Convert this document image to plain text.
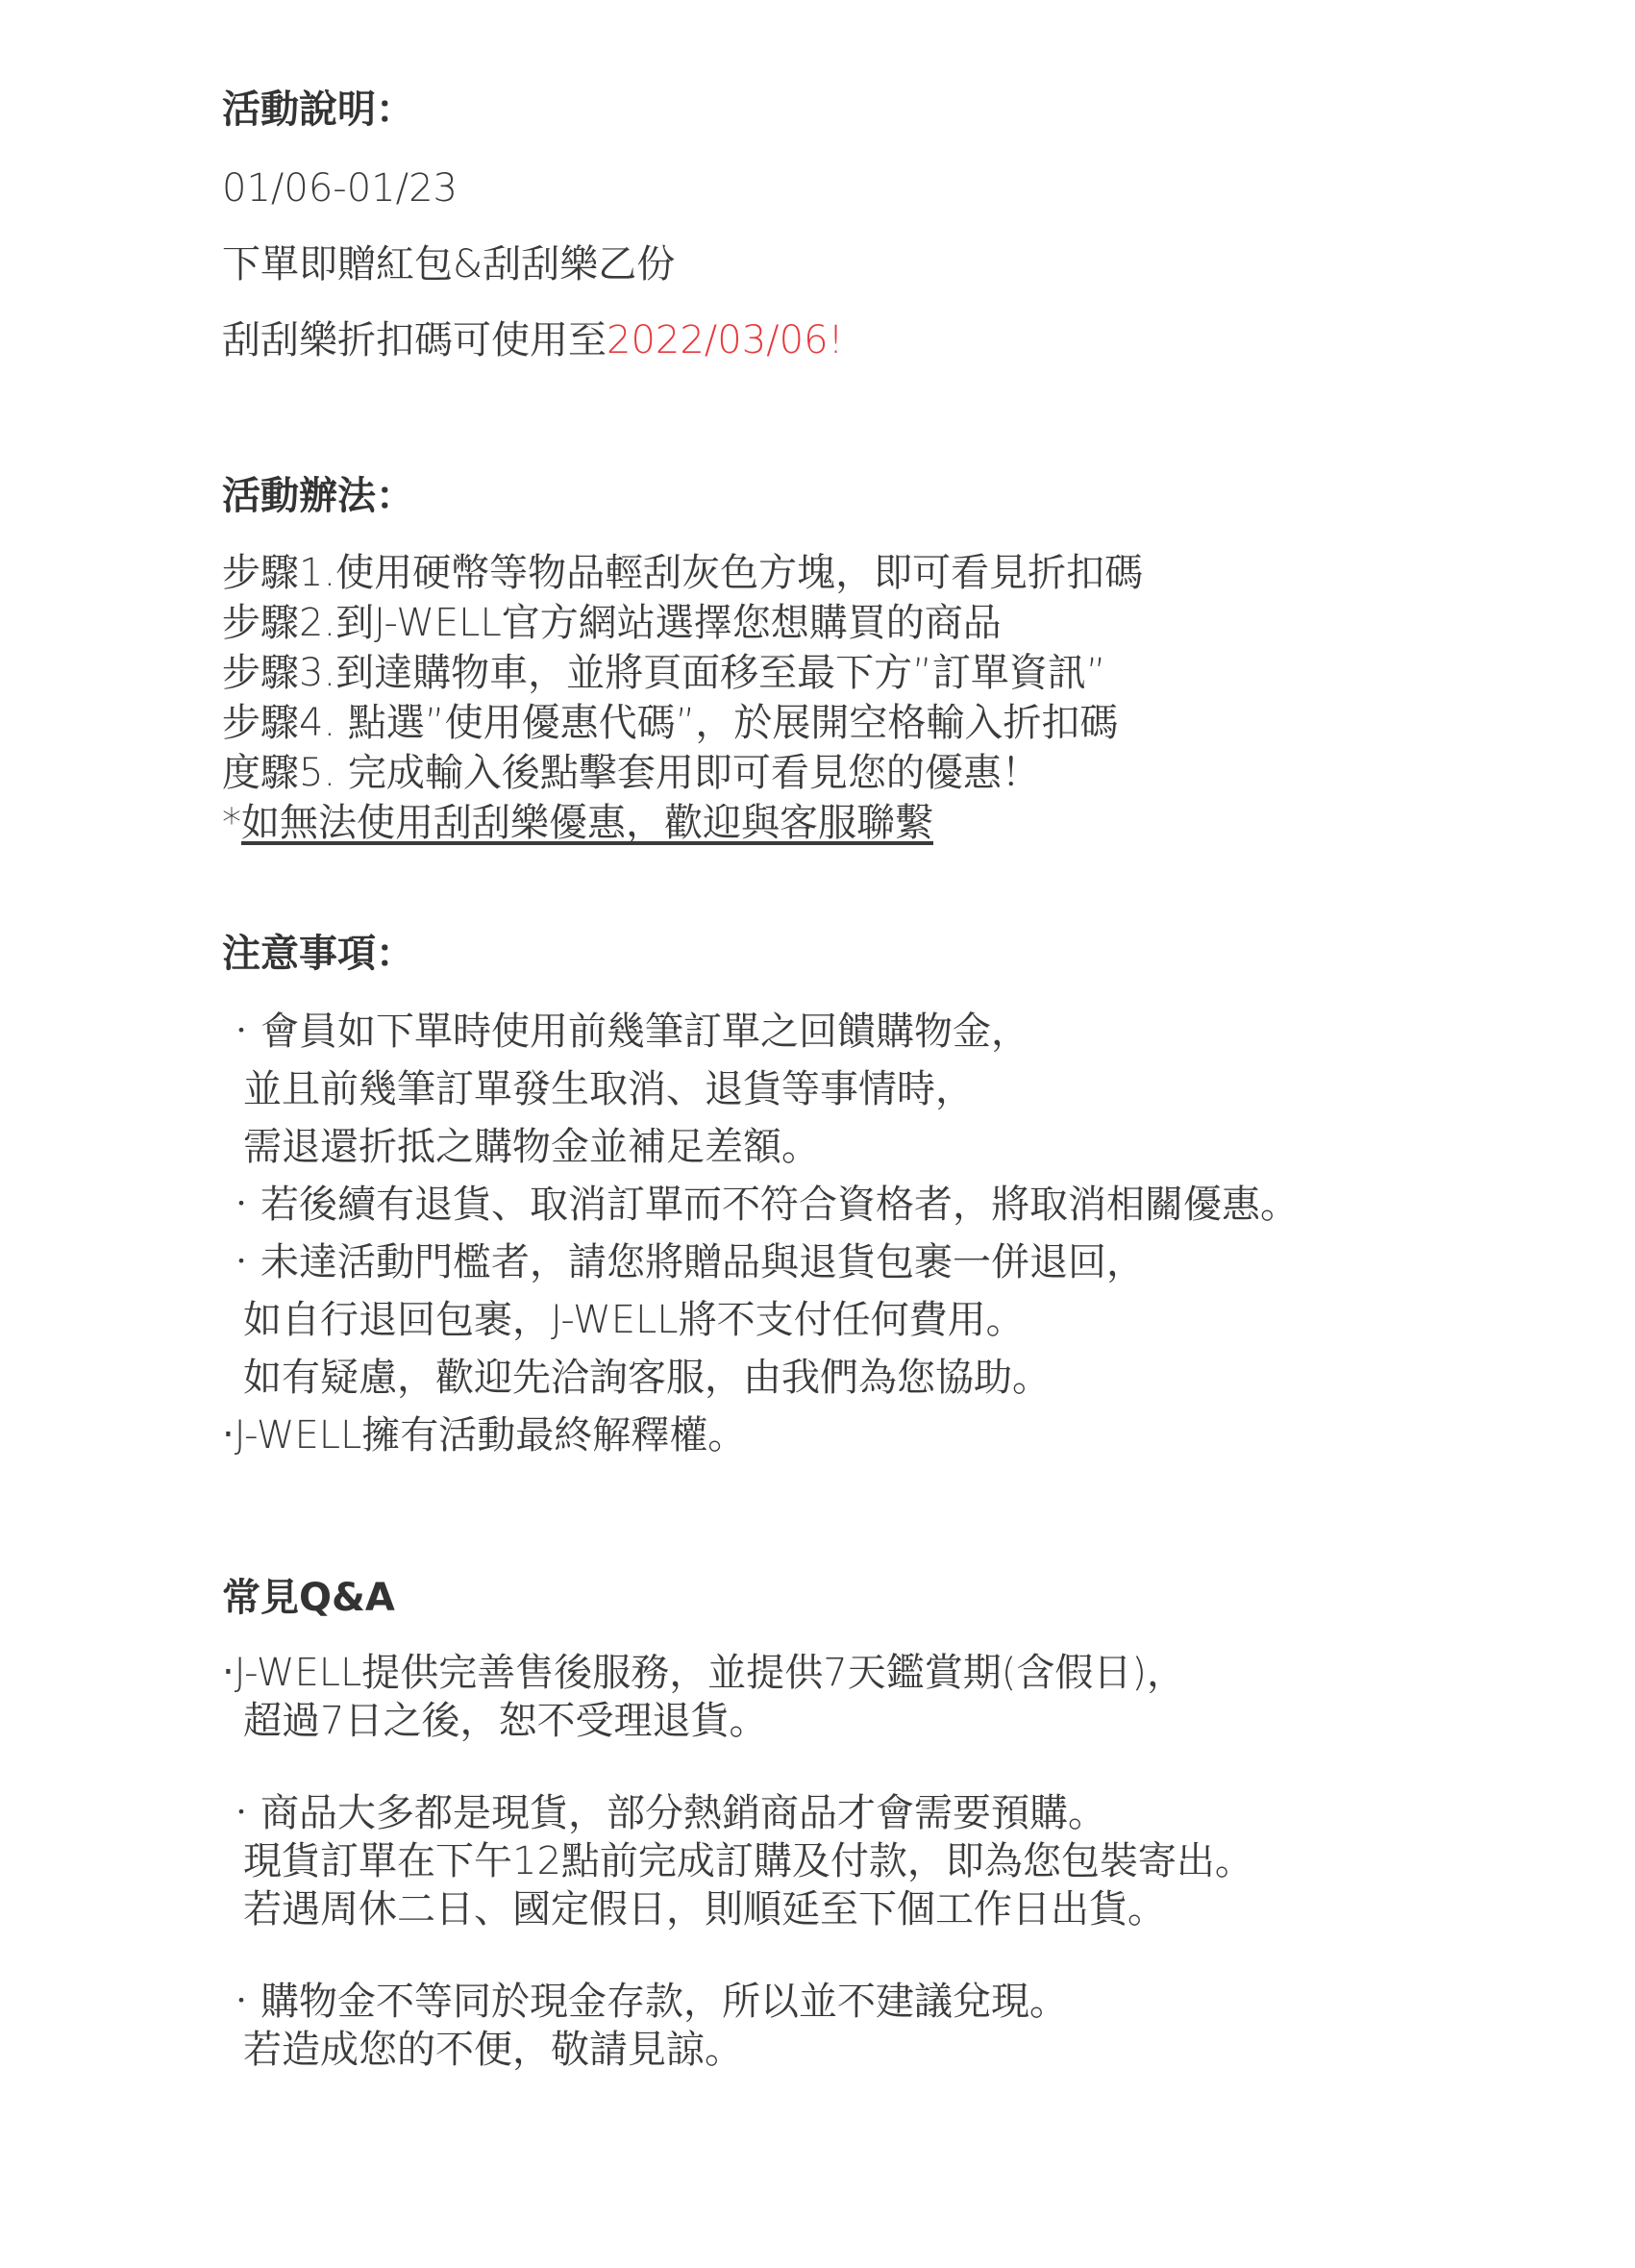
活動說明：

01/06-01/23

下單即贈紅包&刮刮樂乙份

刮刮樂折扣碼可使用至2022/03/06!

活動辦法：
步驟1.使用硬幣等物品輕刮灰色方塊，即可看見折扣碼
步驟2.到J-WELL官方網站選擇您想購買的商品
步驟3.到達購物車，並將頁面移至最下方”訂單資訊”
步驟4. 點選”使用優惠代碼”，於展開空格輸入折扣碼
度驟5. 完成輸入後點擊套用即可看見您的優惠！
*如無法使用刮刮樂優惠，歡迎與客服聯繫
注意事項：
‧會員如下單時使用前幾筆訂單之回饋購物金，
並且前幾筆訂單發生取消、退貨等事情時，
需退還折抵之購物金並補足差額。
‧若後續有退貨、取消訂單而不符合資格者，將取消相關優惠。
‧未達活動門檻者，請您將贈品與退貨包裹一併退回，
如自行退回包裹，J-WELL將不支付任何費用。
如有疑慮，歡迎先洽詢客服，由我們為您協助。
‧J-WELL擁有活動最終解釋權。
常見Q&A
‧J-WELL提供完善售後服務，並提供7天鑑賞期(含假日)，
超過7日之後，恕不受理退貨。
‧商品大多都是現貨，部分熱銷商品才會需要預購。
現貨訂單在下午12點前完成訂購及付款，即為您包裝寄出。
若遇周休二日、國定假日，則順延至下個工作日出貨。
‧購物金不等同於現金存款，所以並不建議兌現。
若造成您的不便，敬請見諒。
